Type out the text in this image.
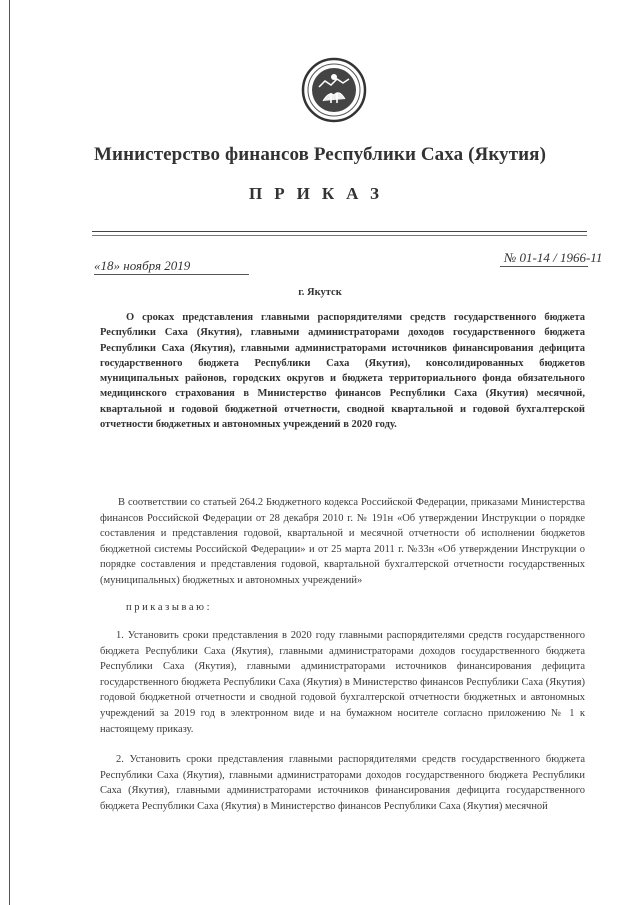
Министерство финансов Республики Саха (Якутия)
ПРИКАЗ
«18» ноября 2019
№ 01-14 / 1966-11
г. Якутск
О сроках представления главными распорядителями средств государственного бюджета Республики Саха (Якутия), главными администраторами доходов государственного бюджета Республики Саха (Якутия), главными администраторами источников финансирования дефицита государственного бюджета Республики Саха (Якутия), консолидированных бюджетов муниципальных районов, городских округов и бюджета территориального фонда обязательного медицинского страхования в Министерство финансов Республики Саха (Якутия) месячной, квартальной и годовой бюджетной отчетности, сводной квартальной и годовой бухгалтерской отчетности бюджетных и автономных учреждений в 2020 году.
В соответствии со статьей 264.2 Бюджетного кодекса Российской Федерации, приказами Министерства финансов Российской Федерации от 28 декабря 2010 г. № 191н «Об утверждении Инструкции о порядке составления и представления годовой, квартальной и месячной отчетности об исполнении бюджетов бюджетной системы Российской Федерации» и от 25 марта 2011 г. №33н «Об утверждении Инструкции о порядке составления и представления годовой, квартальной бухгалтерской отчетности государственных (муниципальных) бюджетных и автономных учреждений»
приказываю:
1. Установить сроки представления в 2020 году главными распорядителями средств государственного бюджета Республики Саха (Якутия), главными администраторами доходов государственного бюджета Республики Саха (Якутия), главными администраторами источников финансирования дефицита государственного бюджета Республики Саха (Якутия) в Министерство финансов Республики Саха (Якутия) годовой бюджетной отчетности и сводной годовой бухгалтерской отчетности бюджетных и автономных учреждений за 2019 год в электронном виде и на бумажном носителе согласно приложению № 1 к настоящему приказу.
2. Установить сроки представления главными распорядителями средств государственного бюджета Республики Саха (Якутия), главными администраторами доходов государственного бюджета Республики Саха (Якутия), главными администраторами источников финансирования дефицита государственного бюджета Республики Саха (Якутия) в Министерство финансов Республики Саха (Якутия) месячной
